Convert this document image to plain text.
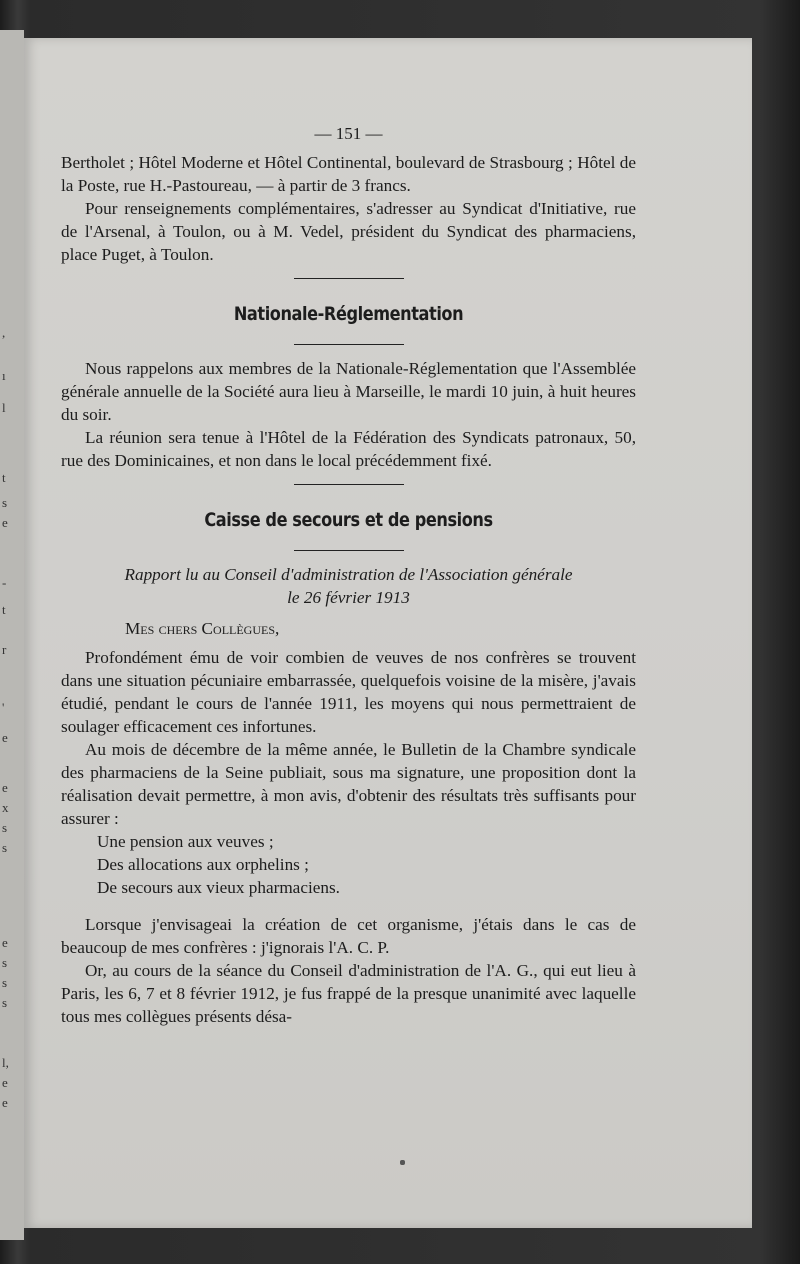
,
ı
l
t
s
e
-
t
r
'
e
e
x
s
s
e
s
s
s
l,
e
e
— 151 —

Bertholet ; Hôtel Moderne et Hôtel Continental, boulevard de Strasbourg ; Hôtel de la Poste, rue H.-Pastoureau, — à partir de 3 francs.

Pour renseignements complémentaires, s'adresser au Syndicat d'Initiative, rue de l'Arsenal, à Toulon, ou à M. Vedel, président du Syndicat des pharmaciens, place Puget, à Toulon.

Nationale-Réglementation

Nous rappelons aux membres de la Nationale-Réglementation que l'Assemblée générale annuelle de la Société aura lieu à Marseille, le mardi 10 juin, à huit heures du soir.

La réunion sera tenue à l'Hôtel de la Fédération des Syndicats patronaux, 50, rue des Dominicaines, et non dans le local précédemment fixé.

Caisse de secours et de pensions
Rapport lu au Conseil d'administration de l'Association générale
le 26 février 1913
Mes chers Collègues,

Profondément ému de voir combien de veuves de nos confrères se trouvent dans une situation pécuniaire embarrassée, quelquefois voisine de la misère, j'avais étudié, pendant le cours de l'année 1911, les moyens qui nous permettraient de soulager efficacement ces infortunes.

Au mois de décembre de la même année, le Bulletin de la Chambre syndicale des pharmaciens de la Seine publiait, sous ma signature, une proposition dont la réalisation devait permettre, à mon avis, d'obtenir des résultats très suffisants pour assurer :

Une pension aux veuves ;
Des allocations aux orphelins ;
De secours aux vieux pharmaciens.

Lorsque j'envisageai la création de cet organisme, j'étais dans le cas de beaucoup de mes confrères : j'ignorais l'A. C. P.

Or, au cours de la séance du Conseil d'administration de l'A. G., qui eut lieu à Paris, les 6, 7 et 8 février 1912, je fus frappé de la presque unanimité avec laquelle tous mes collègues présents désa-
